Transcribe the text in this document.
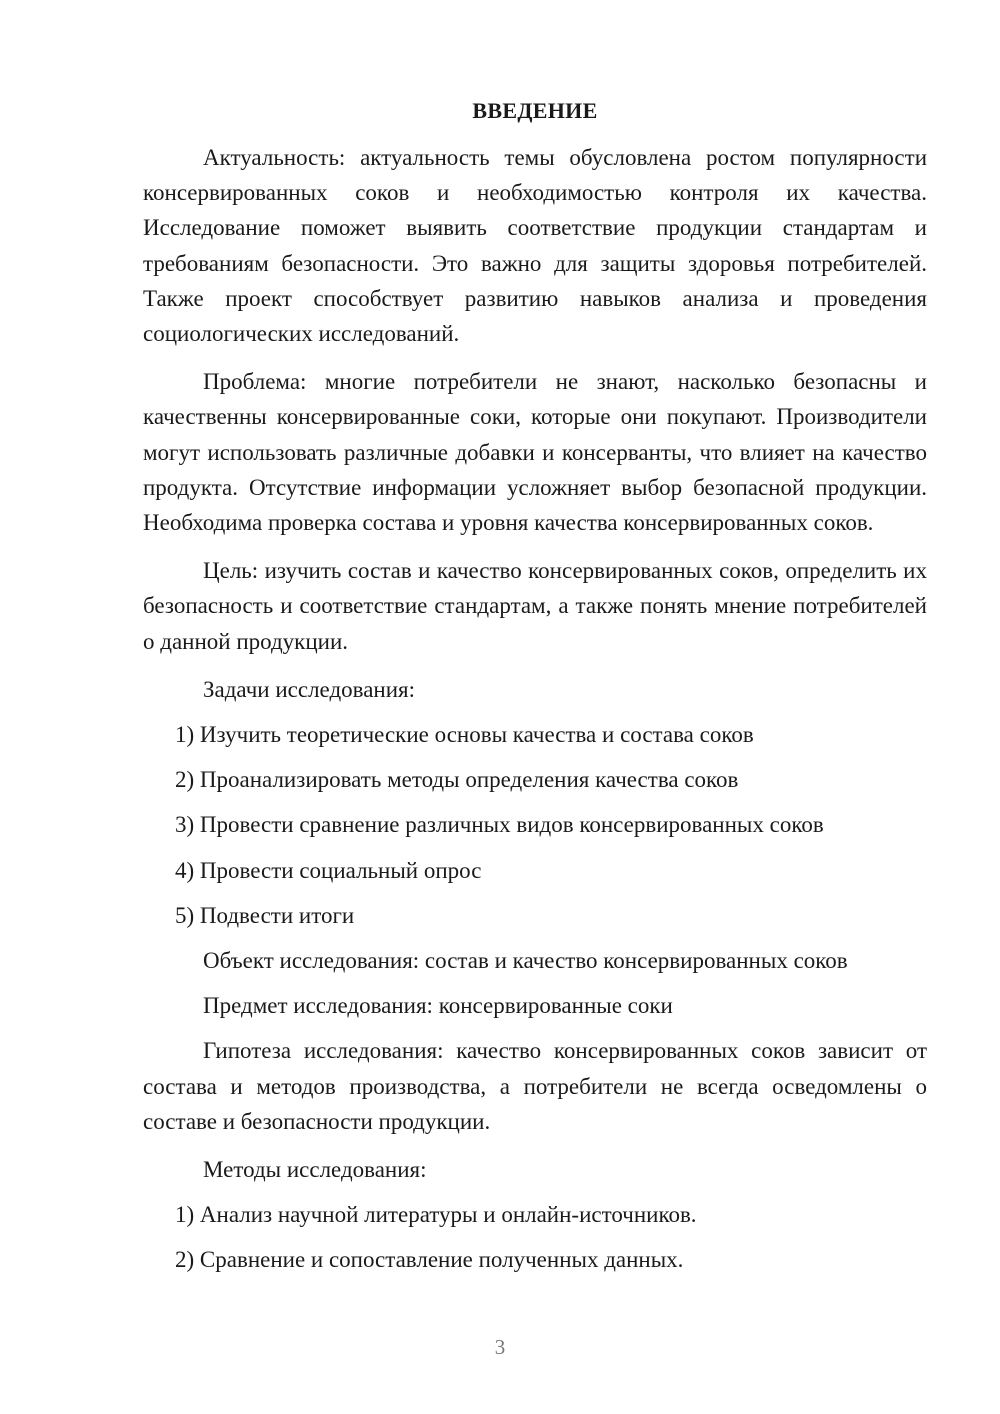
ВВЕДЕНИЕ

Актуальность: актуальность темы обусловлена ростом популярности консервированных соков и необходимостью контроля их качества. Исследование поможет выявить соответствие продукции стандартам и требованиям безопасности. Это важно для защиты здоровья потребителей. Также проект способствует развитию навыков анализа и проведения социологических исследований.

Проблема: многие потребители не знают, насколько безопасны и качественны консервированные соки, которые они покупают. Производители могут использовать различные добавки и консерванты, что влияет на качество продукта. Отсутствие информации усложняет выбор безопасной продукции. Необходима проверка состава и уровня качества консервированных соков.

Цель: изучить состав и качество консервированных соков, определить их безопасность и соответствие стандартам, а также понять мнение потребителей о данной продукции.

Задачи исследования:
1) Изучить теоретические основы качества и состава соков
2) Проанализировать методы определения качества соков
3) Провести сравнение различных видов консервированных соков
4) Провести социальный опрос
5) Подвести итоги
Объект исследования: состав и качество консервированных соков
Предмет исследования: консервированные соки

Гипотеза исследования: качество консервированных соков зависит от состава и методов производства, а потребители не всегда осведомлены о составе и безопасности продукции.

Методы исследования:
1) Анализ научной литературы и онлайн-источников.
2) Сравнение и сопоставление полученных данных.
3
